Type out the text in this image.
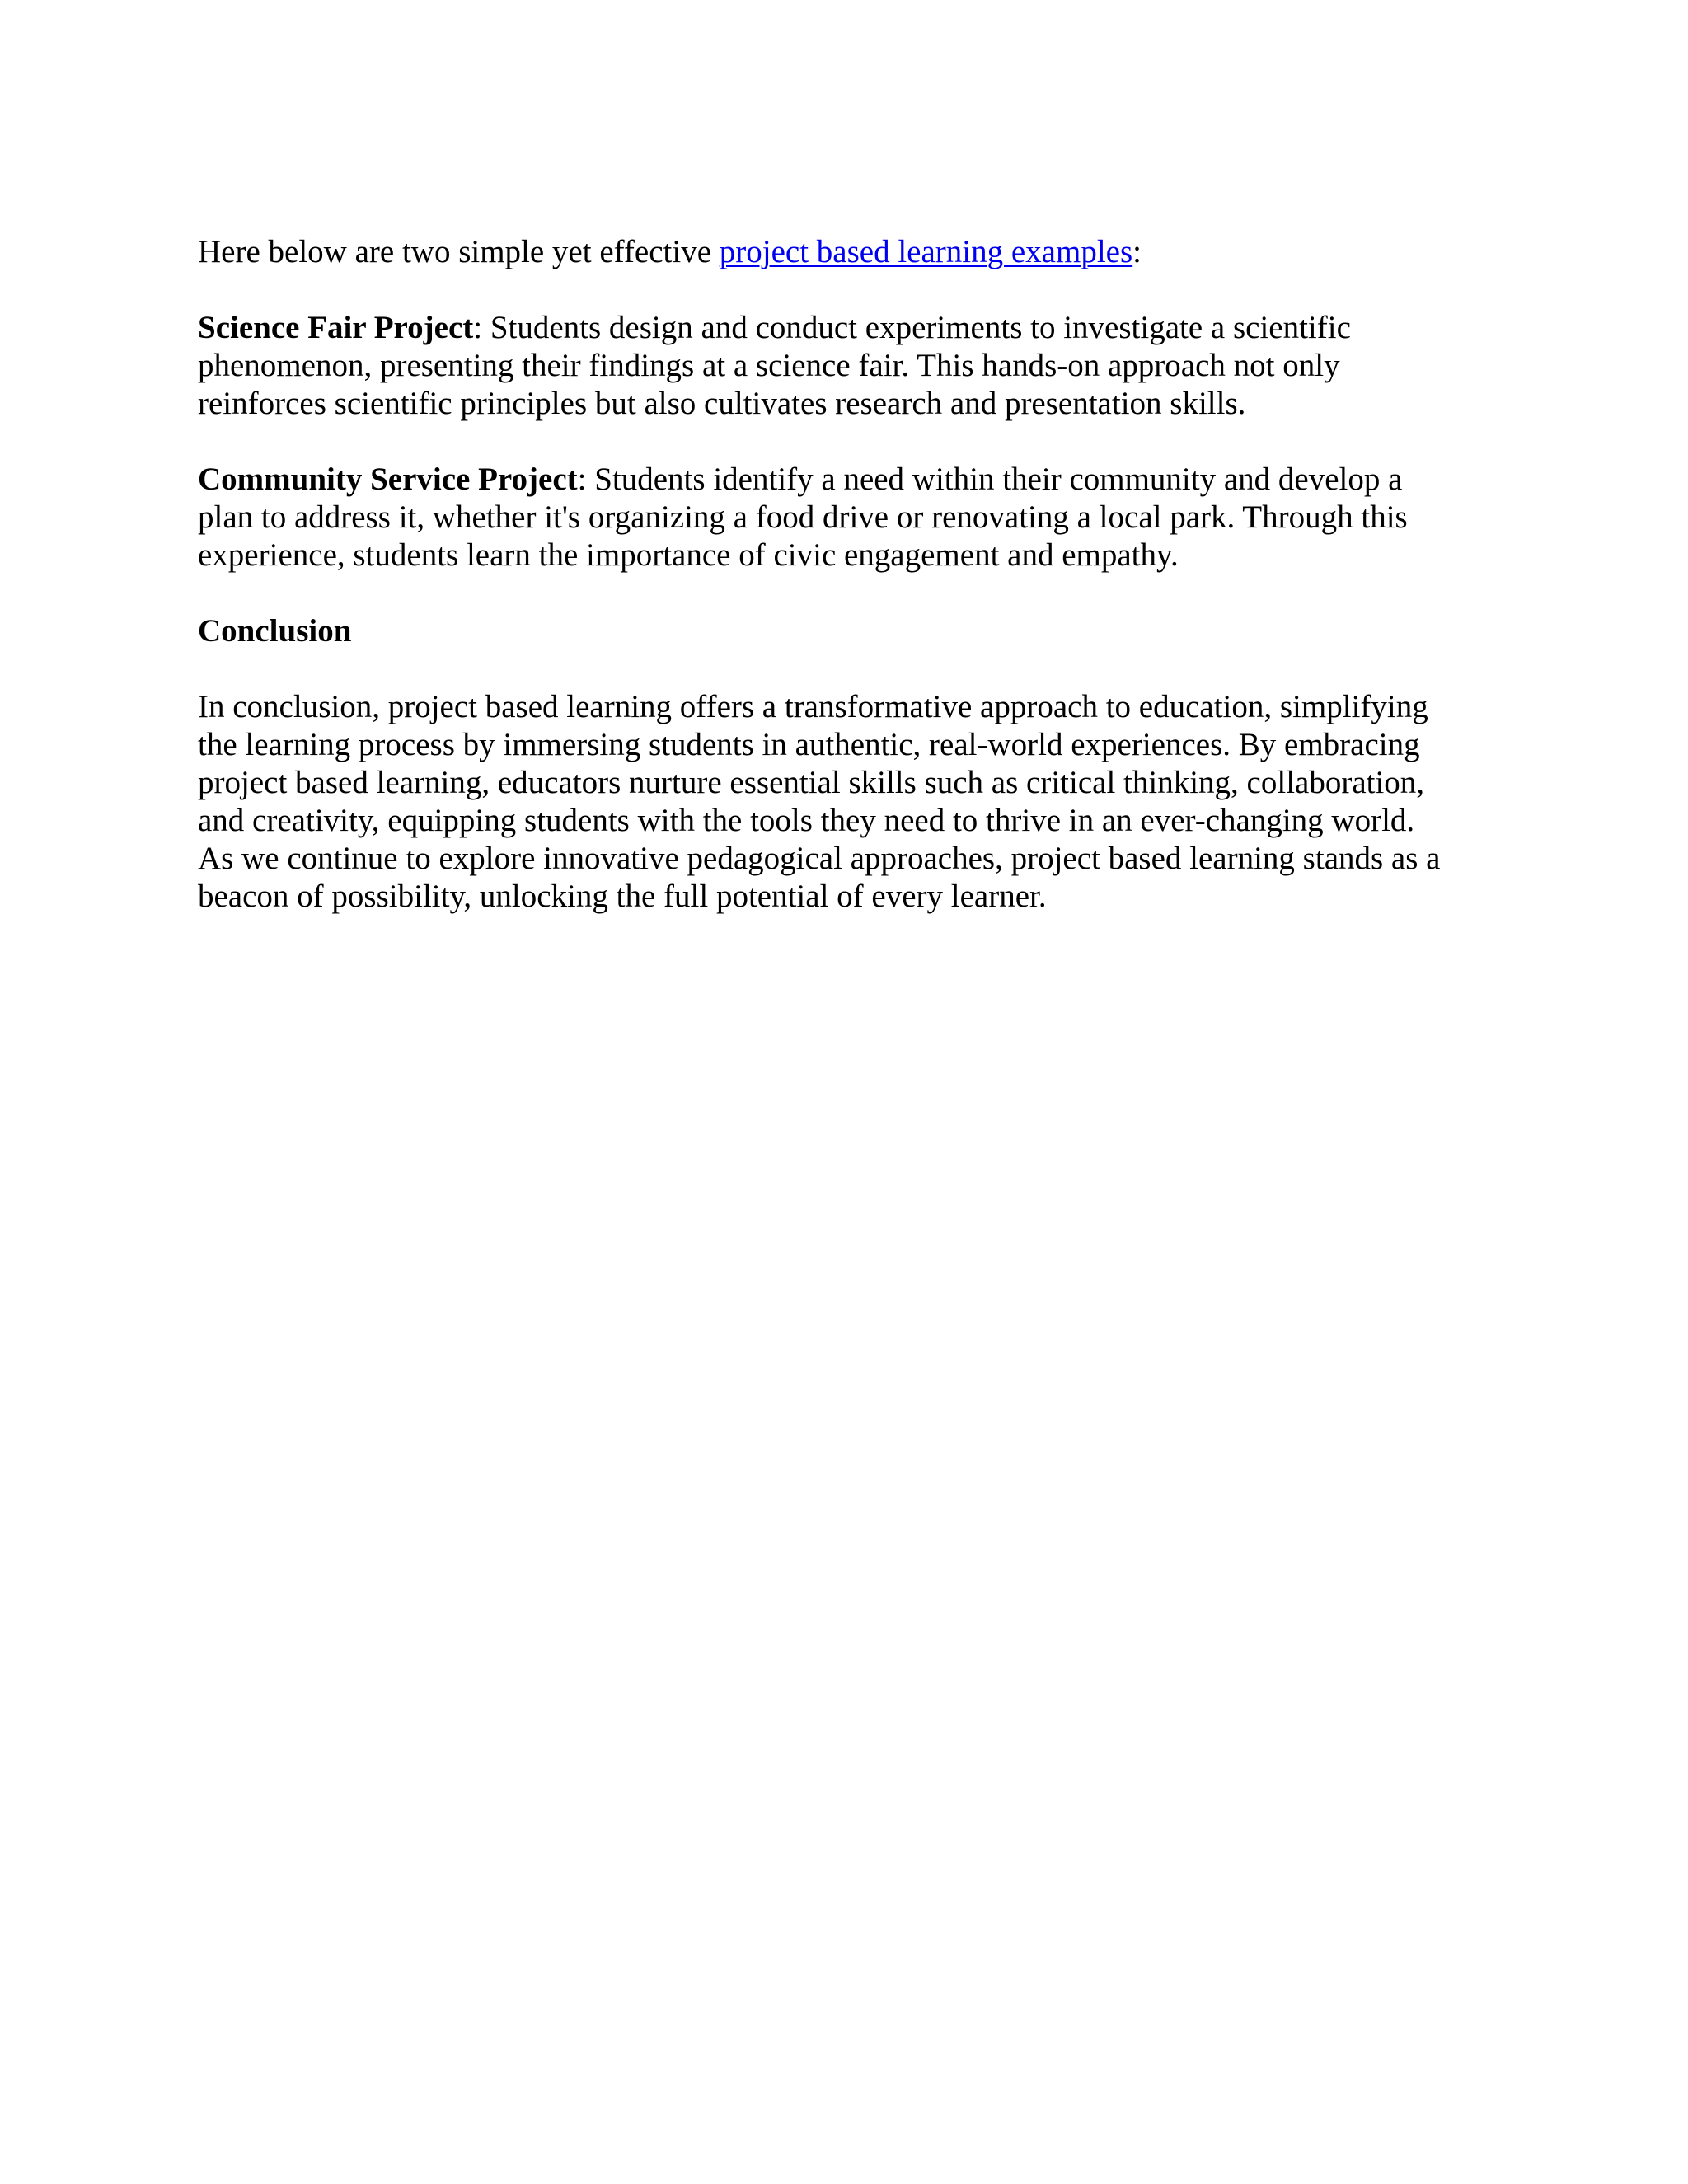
Here below are two simple yet effective project based learning examples:

Science Fair Project: Students design and conduct experiments to investigate a scientific
phenomenon, presenting their findings at a science fair. This hands-on approach not only
reinforces scientific principles but also cultivates research and presentation skills.

Community Service Project: Students identify a need within their community and develop a
plan to address it, whether it's organizing a food drive or renovating a local park. Through this
experience, students learn the importance of civic engagement and empathy.

Conclusion

In conclusion, project based learning offers a transformative approach to education, simplifying
the learning process by immersing students in authentic, real-world experiences. By embracing
project based learning, educators nurture essential skills such as critical thinking, collaboration,
and creativity, equipping students with the tools they need to thrive in an ever-changing world.
As we continue to explore innovative pedagogical approaches, project based learning stands as a
beacon of possibility, unlocking the full potential of every learner.
